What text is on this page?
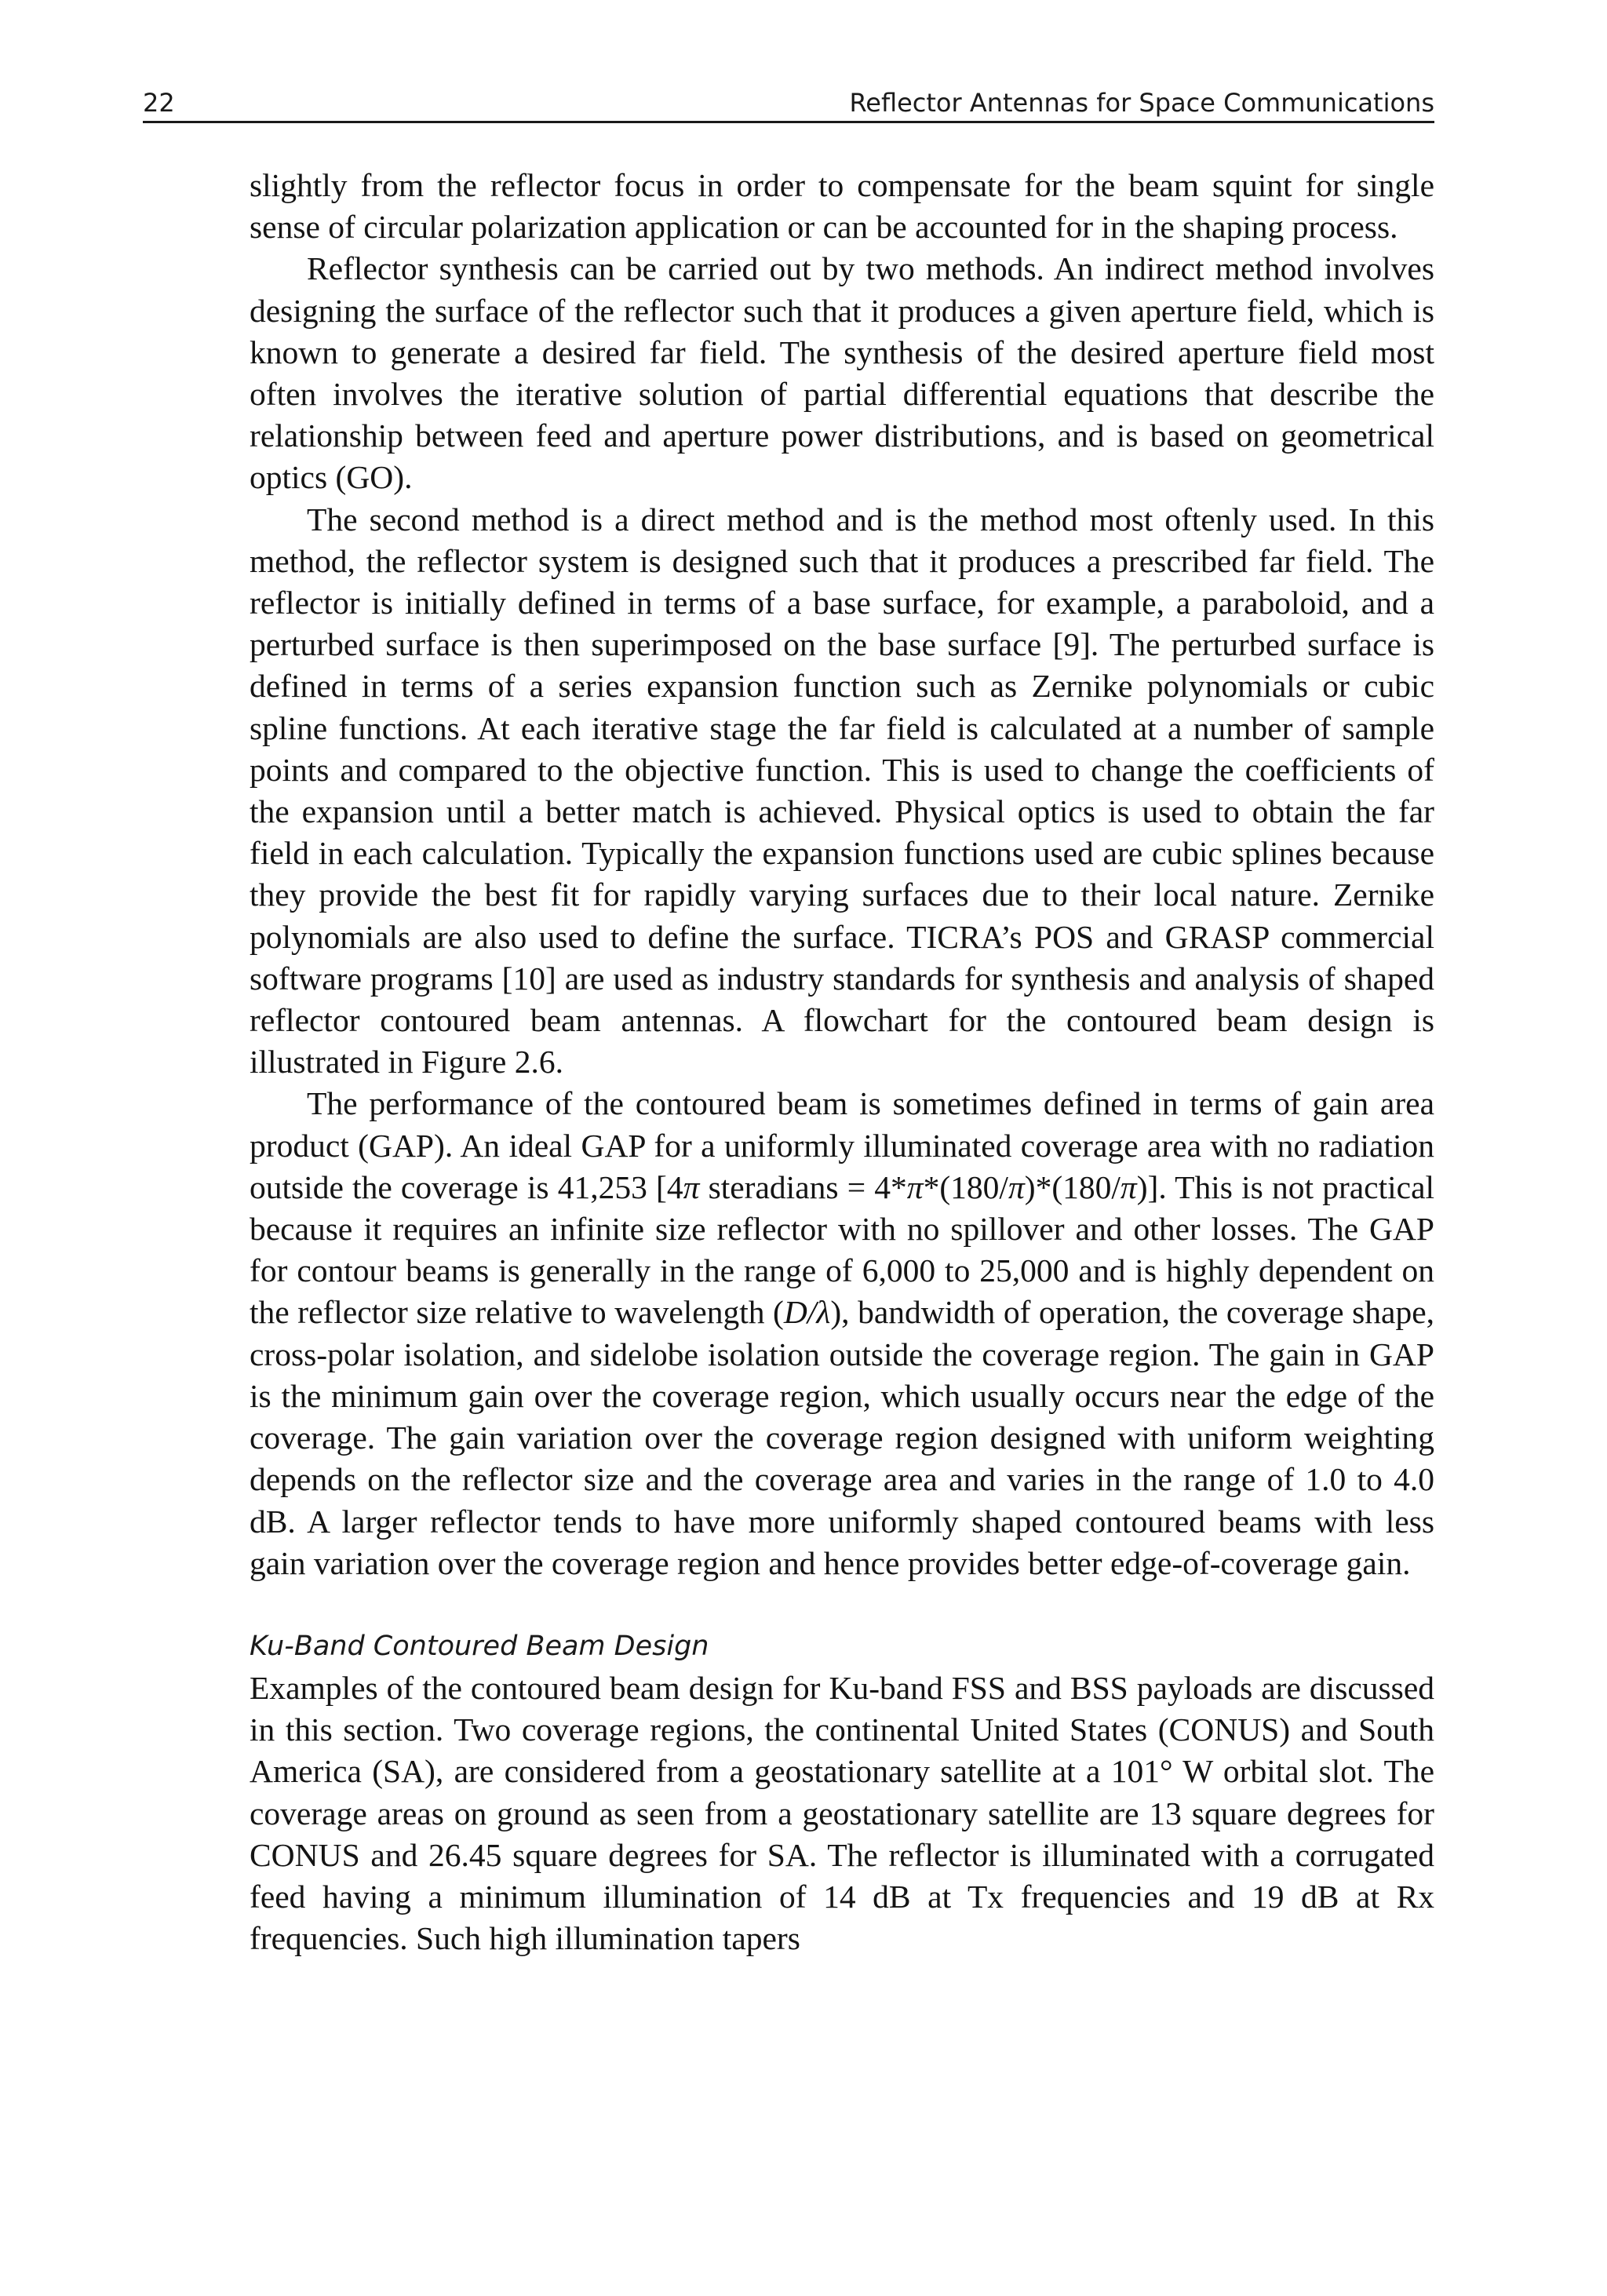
22	Reflector Antennas for Space Communications

slightly from the reflector focus in order to compensate for the beam squint for single sense of circular polarization application or can be accounted for in the shaping process.

Reflector synthesis can be carried out by two methods. An indirect method involves designing the surface of the reflector such that it produces a given aperture field, which is known to generate a desired far field. The synthesis of the desired aperture field most often involves the iterative solution of partial differential equations that describe the relationship between feed and aperture power distributions, and is based on geometrical optics (GO).

The second method is a direct method and is the method most oftenly used. In this method, the reflector system is designed such that it produces a prescribed far field. The reflector is initially defined in terms of a base surface, for example, a paraboloid, and a perturbed surface is then superimposed on the base surface [9]. The perturbed surface is defined in terms of a series expansion function such as Zernike polynomials or cubic spline functions. At each iterative stage the far field is calculated at a number of sample points and compared to the objective function. This is used to change the coefficients of the expansion until a better match is achieved. Physical optics is used to obtain the far field in each calculation. Typically the expansion functions used are cubic splines because they provide the best fit for rapidly varying surfaces due to their local nature. Zernike polynomials are also used to define the surface. TICRA’s POS and GRASP commercial software programs [10] are used as industry standards for synthesis and analysis of shaped reflector contoured beam antennas. A flowchart for the contoured beam design is illustrated in Figure 2.6.

The performance of the contoured beam is sometimes defined in terms of gain area product (GAP). An ideal GAP for a uniformly illuminated coverage area with no radiation outside the coverage is 41,253 [4π steradians = 4*π*(180/π)*(180/π)]. This is not practical because it requires an infinite size reflector with no spillover and other losses. The GAP for contour beams is generally in the range of 6,000 to 25,000 and is highly dependent on the reflector size relative to wavelength (D/λ), bandwidth of operation, the coverage shape, cross-polar isolation, and sidelobe isolation outside the coverage region. The gain in GAP is the minimum gain over the coverage region, which usually occurs near the edge of the coverage. The gain variation over the coverage region designed with uniform weighting depends on the reflector size and the coverage area and varies in the range of 1.0 to 4.0 dB. A larger reflector tends to have more uniformly shaped contoured beams with less gain variation over the coverage region and hence provides better edge-of-coverage gain.

Ku-Band Contoured Beam Design

Examples of the contoured beam design for Ku-band FSS and BSS payloads are discussed in this section. Two coverage regions, the continental United States (CONUS) and South America (SA), are considered from a geostationary satellite at a 101° W orbital slot. The coverage areas on ground as seen from a geostationary satellite are 13 square degrees for CONUS and 26.45 square degrees for SA. The reflector is illuminated with a corrugated feed having a minimum illumination of 14 dB at Tx frequencies and 19 dB at Rx frequencies. Such high illumination tapers
